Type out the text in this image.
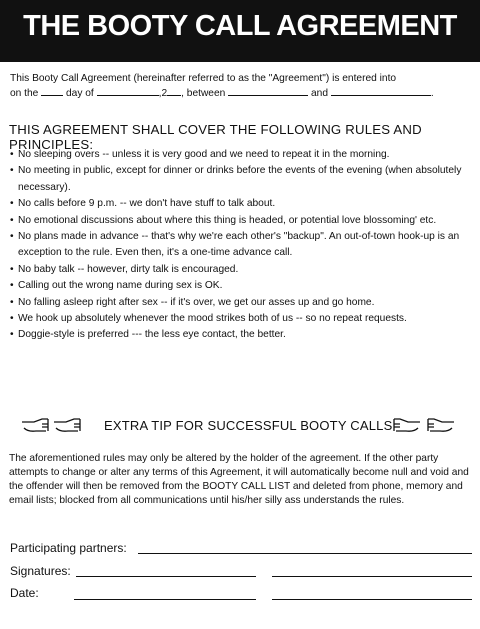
THE BOOTY CALL AGREEMENT
This Booty Call Agreement (hereinafter referred to as the "Agreement") is entered into
on the	day of	,2 , between	and	.
THIS AGREEMENT SHALL COVER THE FOLLOWING RULES AND PRINCIPLES:
• No sleeping overs -- unless it is very good and we need to repeat it in the morning.
• No meeting in public, except for dinner or drinks before the events of the evening (when absolutely necessary).
• No calls before 9 p.m. -- we don't have stuff to talk about.
• No emotional discussions about where this thing is headed, or potential love blossoming' etc.
• No plans made in advance -- that's why we're each other's "backup". An out-of-town hook-up is an exception to the rule. Even then, it's a one-time advance call.
• No baby talk -- however, dirty talk is encouraged.
• Calling out the wrong name during sex is OK.
• No falling asleep right after sex -- if it's over, we get our asses up and go home.
• We hook up absolutely whenever the mood strikes both of us -- so no repeat requests.
• Doggie-style is preferred --- the less eye contact, the better.
EXTRA TIP FOR SUCCESSFUL BOOTY CALLS
The aforementioned rules may only be altered by the holder of the agreement. If the other party attempts to change or alter any terms of this Agreement, it will automatically become null and void and the offender will then be removed from the BOOTY CALL LIST and deleted from phone, memory and email lists; blocked from all communications until his/her silly ass understands the rules.
Participating partners:
Signatures:
Date:
